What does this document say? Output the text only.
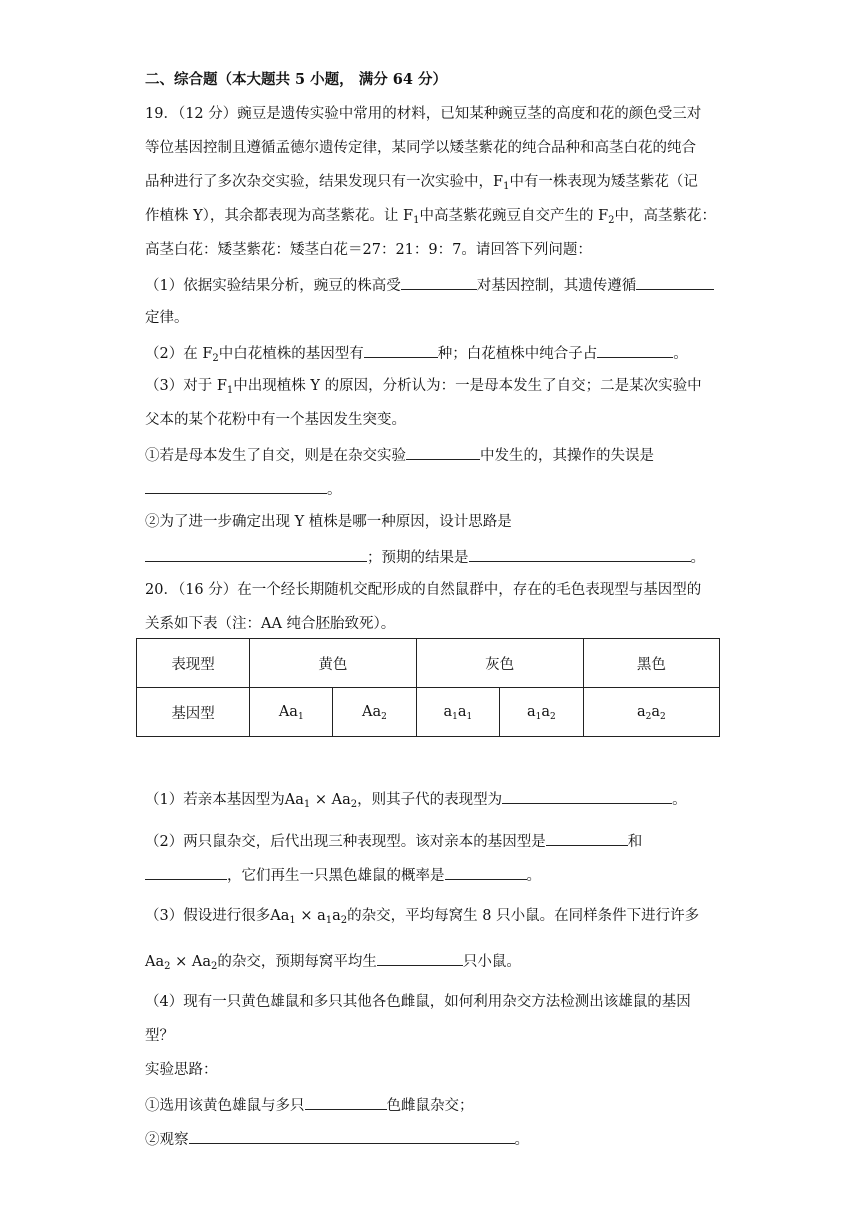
二、综合题（本大题共 5 小题， 满分 64 分）
19．（12 分）豌豆是遗传实验中常用的材料，已知某种豌豆茎的高度和花的颜色受三对
等位基因控制且遵循孟德尔遗传定律，某同学以矮茎紫花的纯合品种和高茎白花的纯合
品种进行了多次杂交实验，结果发现只有一次实验中，$F_1$中有一株表现为矮茎紫花（记
作植株 Y），其余都表现为高茎紫花。让 $F_1$中高茎紫花豌豆自交产生的 $F_2$中，高茎紫花：
高茎白花：矮茎紫花：矮茎白花＝27：21：9：7。请回答下列问题：
（1）依据实验结果分析，豌豆的株高受	对基因控制，其遗传遵循
定律。
（2）在 $F_2$中白花植株的基因型有	种；白花植株中纯合子占	。
（3）对于 $F_1$中出现植株 Y 的原因，分析认为：一是母本发生了自交；二是某次实验中
父本的某个花粉中有一个基因发生突变。
①若是母本发生了自交，则是在杂交实验	中发生的，其操作的失误是
。
②为了进一步确定出现 Y 植株是哪一种原因，设计思路是
；预期的结果是	。
20．（16 分）在一个经长期随机交配形成的自然鼠群中，存在的毛色表现型与基因型的
关系如下表（注：AA 纯合胚胎致死）。
表现型	黄色		灰色		黑色
基因型	$Aa_1$	$Aa_2$	$a_1a_1$	$a_1a_2$	$a_2a_2$
（1）若亲本基因型为$Aa_1 \times Aa_2$，则其子代的表现型为	。
（2）两只鼠杂交，后代出现三种表现型。该对亲本的基因型是	和
，它们再生一只黑色雄鼠的概率是	。
（3）假设进行很多$Aa_1 \times a_1a_2$的杂交，平均每窝生 8 只小鼠。在同样条件下进行许多
$Aa_2 \times Aa_2$的杂交，预期每窝平均生	只小鼠。
（4）现有一只黄色雄鼠和多只其他各色雌鼠，如何利用杂交方法检测出该雄鼠的基因
型？
实验思路：
①选用该黄色雄鼠与多只	色雌鼠杂交；
②观察	。
